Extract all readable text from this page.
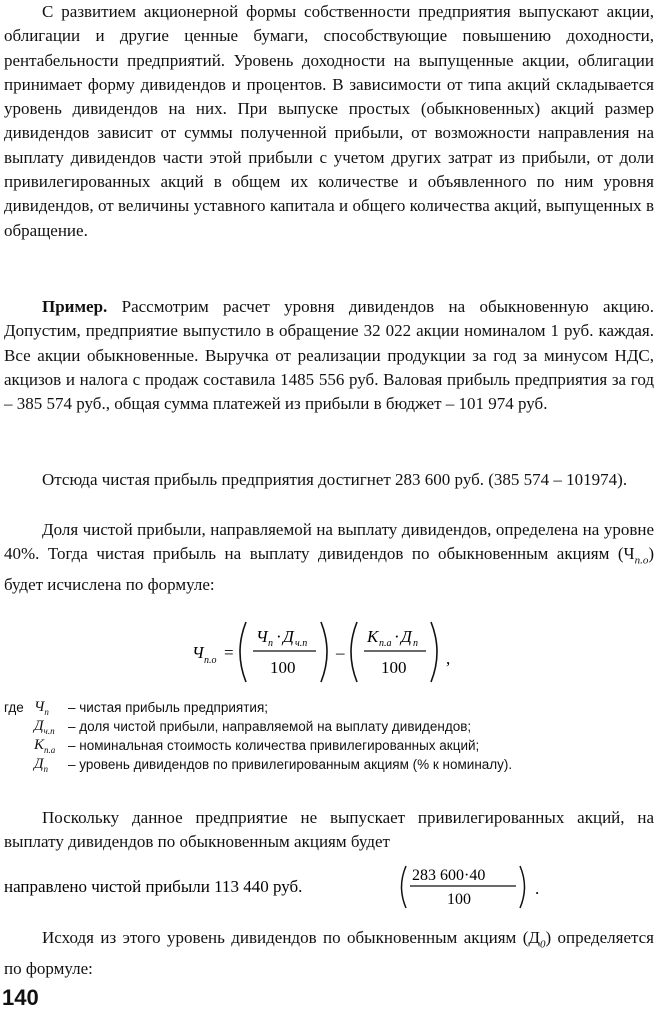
С развитием акционерной формы собственности предприятия выпускают акции, облигации и другие ценные бумаги, способствующие повышению доходности, рентабельности предприятий. Уровень доходности на выпущенные акции, облигации принимает форму дивидендов и процентов. В зависимости от типа акций складывается уровень дивидендов на них. При выпуске простых (обыкновенных) акций размер дивидендов зависит от суммы полученной прибыли, от возможности направления на выплату дивидендов части этой прибыли с учетом других затрат из прибыли, от доли привилегированных акций в общем их количестве и объявленного по ним уровня дивидендов, от величины уставного капитала и общего количества акций, выпущенных в обращение.

Пример. Рассмотрим расчет уровня дивидендов на обыкновенную акцию. Допустим, предприятие выпустило в обращение 32 022 акции номиналом 1 руб. каждая. Все акции обыкновенные. Выручка от реализации продукции за год за минусом НДС, акцизов и налога с продаж составила 1485 556 руб. Валовая прибыль предприятия за год – 385 574 руб., общая сумма платежей из прибыли в бюджет – 101 974 руб.

Отсюда чистая прибыль предприятия достигнет 283 600 руб. (385 574 – 101974).

Доля чистой прибыли, направляемой на выплату дивидендов, определена на уровне 40%. Тогда чистая прибыль на выплату дивидендов по обыкновенным акциям $(Ч_{п.о})$ будет исчислена по формуле:

Ч п.о =
Ч п · Д ч.п
100
–
К п.а · Д п
100 ,
где $Ч_п$	– чистая прибыль предприятия;
$Д_{ч.п}$ – доля чистой прибыли, направляемой на выплату дивидендов;
$К_{п.а}$ – номинальная стоимость количества привилегированных акций;
$Д_п$	– уровень дивидендов по привилегированным акциям (% к номиналу).

Поскольку данное предприятие не выпускает привилегированных акций, на выплату дивидендов по обыкновенным акциям будет

направлено чистой прибыли 113 440 руб.
283 600·40
100
.

Исходя из этого уровень дивидендов по обыкновенным акциям $(Д_0)$ определяется по формуле:

140
